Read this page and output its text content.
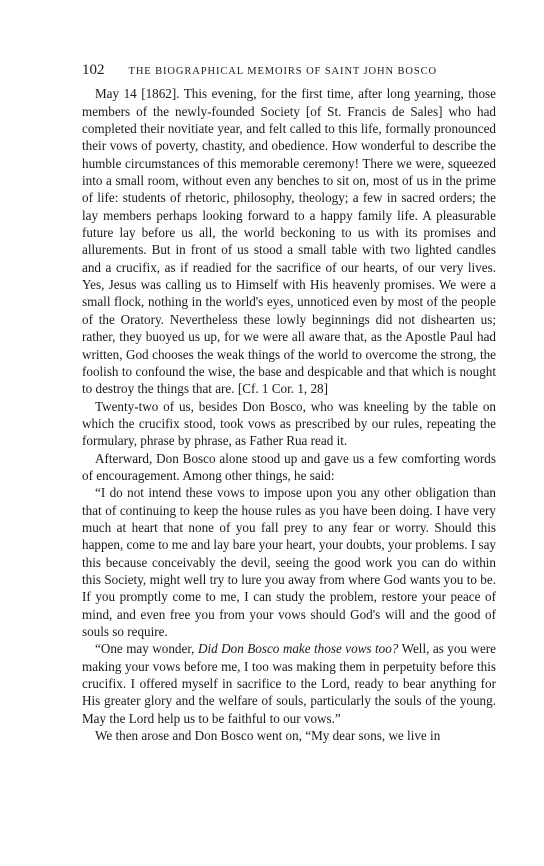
102 THE BIOGRAPHICAL MEMOIRS OF SAINT JOHN BOSCO

May 14 [1862]. This evening, for the first time, after long yearning, those members of the newly-founded Society [of St. Francis de Sales] who had completed their novitiate year, and felt called to this life, formally pronounced their vows of poverty, chastity, and obedience. How wonderful to describe the humble circumstances of this memorable ceremony! There we were, squeezed into a small room, without even any benches to sit on, most of us in the prime of life: students of rhetoric, philosophy, theology; a few in sacred orders; the lay members perhaps looking forward to a happy family life. A pleasurable future lay before us all, the world beckoning to us with its promises and allurements. But in front of us stood a small table with two lighted candles and a crucifix, as if readied for the sacrifice of our hearts, of our very lives. Yes, Jesus was calling us to Himself with His heavenly promises. We were a small flock, nothing in the world's eyes, unnoticed even by most of the people of the Oratory. Nevertheless these lowly beginnings did not dishearten us; rather, they buoyed us up, for we were all aware that, as the Apostle Paul had written, God chooses the weak things of the world to overcome the strong, the foolish to confound the wise, the base and despicable and that which is nought to destroy the things that are. [Cf. 1 Cor. 1, 28]

Twenty-two of us, besides Don Bosco, who was kneeling by the table on which the crucifix stood, took vows as prescribed by our rules, repeating the formulary, phrase by phrase, as Father Rua read it.

Afterward, Don Bosco alone stood up and gave us a few comforting words of encouragement. Among other things, he said:

“I do not intend these vows to impose upon you any other obligation than that of continuing to keep the house rules as you have been doing. I have very much at heart that none of you fall prey to any fear or worry. Should this happen, come to me and lay bare your heart, your doubts, your problems. I say this because conceivably the devil, seeing the good work you can do within this Society, might well try to lure you away from where God wants you to be. If you promptly come to me, I can study the problem, restore your peace of mind, and even free you from your vows should God's will and the good of souls so require.

“One may wonder, Did Don Bosco make those vows too? Well, as you were making your vows before me, I too was making them in perpetuity before this crucifix. I offered myself in sacrifice to the Lord, ready to bear anything for His greater glory and the welfare of souls, particularly the souls of the young. May the Lord help us to be faithful to our vows.”

We then arose and Don Bosco went on, “My dear sons, we live in
